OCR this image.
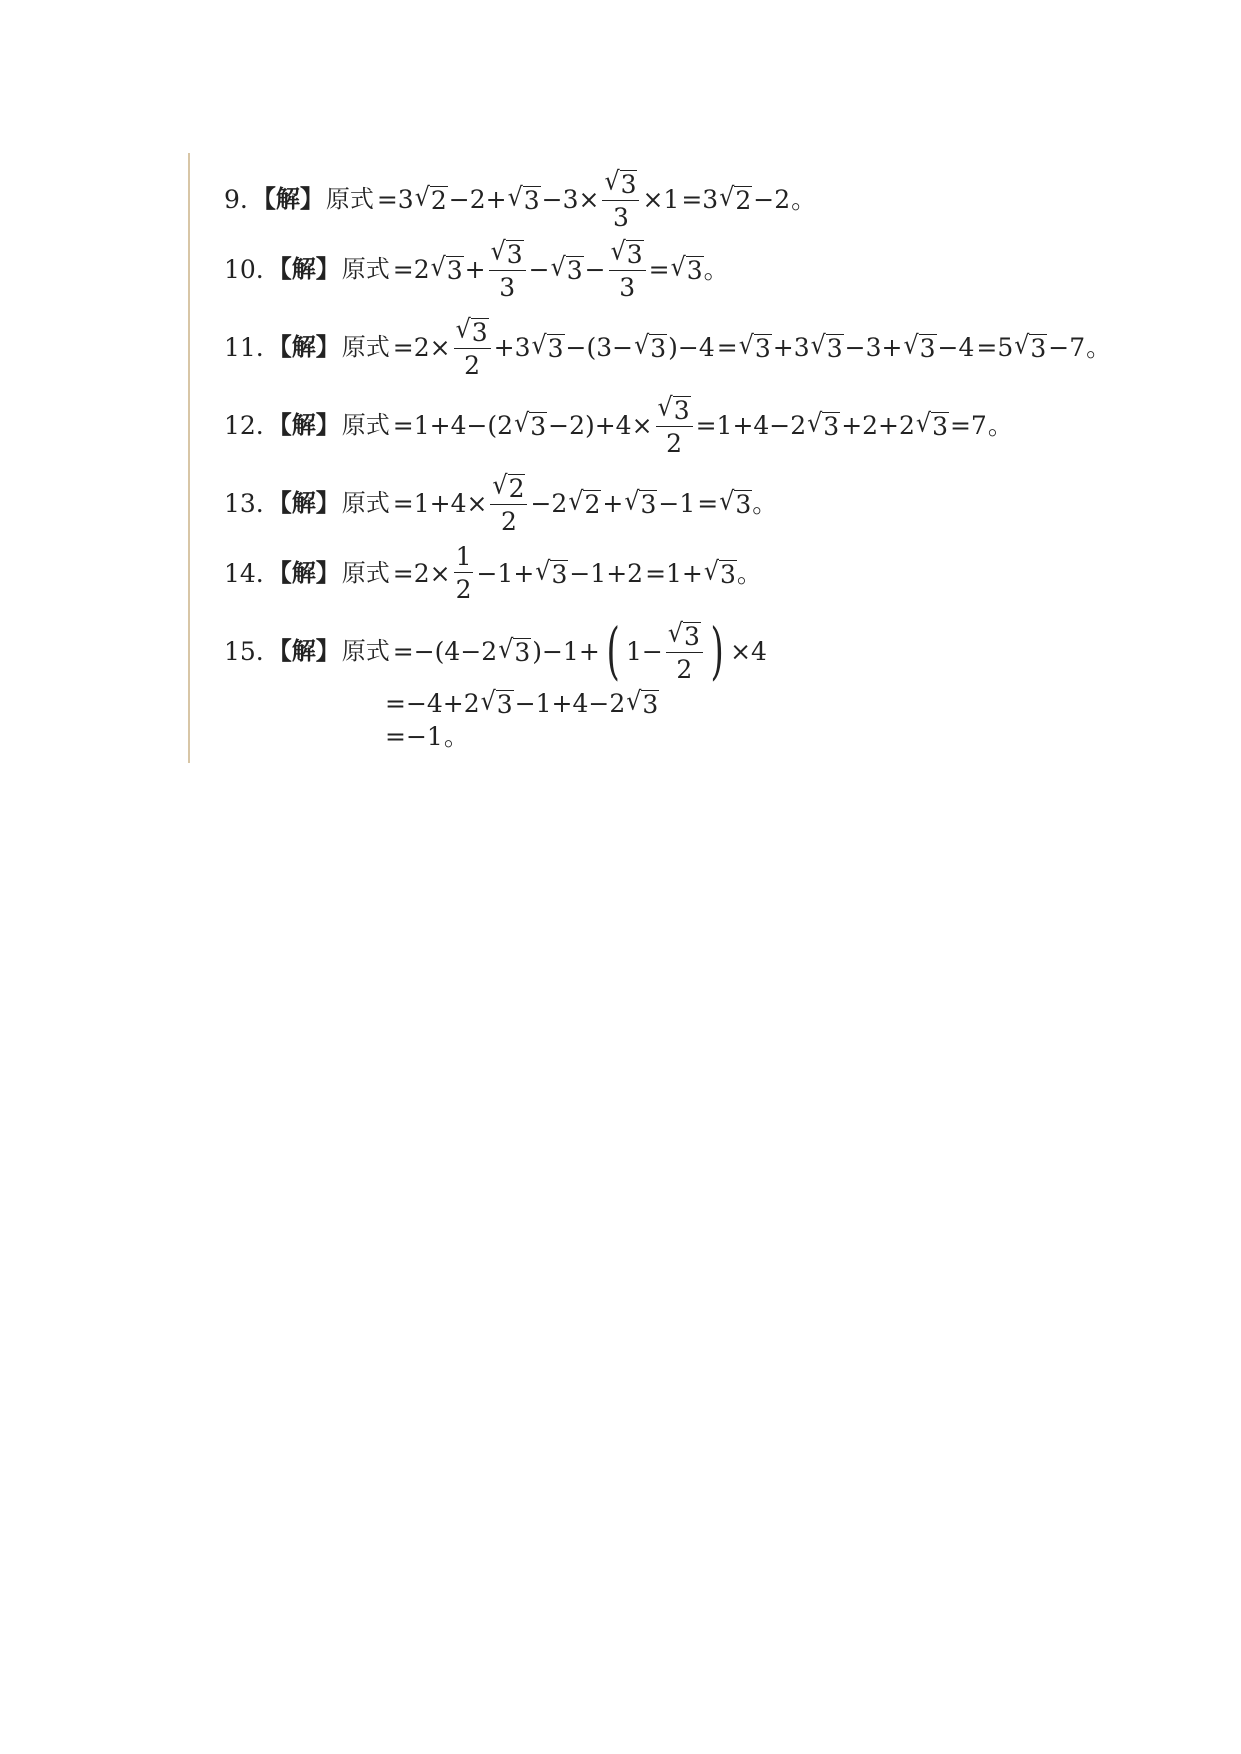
9. 【解】 原式 =3 √ 2 −2+ √ $3 -3\times \frac{√ 3}{3} \times 1 =3$ √ 2 −2 。
10. 【解】 原式 =2 √ $3 + \frac{√ 3}{3}$ − √ $3 - \frac{√ 3}{3}$ = √ 3 。
11. 【解】 原式 $=2\times \frac{√ 3}{2} +3$ √ 3 −(3− √ 3 )−4 = √ 3 +3 √ 3 −3+ √ 3 −4 =5 √ 3 −7 。
12. 【解】 原式 =1+4−(2 √ $3 -2)+4\times \frac{√ 3}{2} =1+4-2$ √ 3 +2+2 √ 3 =7 。
13. 【解】 原式 $=1+4\times \frac{√ 2}{2} -2$ √ 2 + √ 3 −1 = √ 3 。
14. 【解】 原式 $=2\times \frac{1}{2} -1+$ √ 3 −1+2 =1+ √ 3 。
15. 【解】 原式 =−(4−2 √ 3 )−1+ ( $1- \frac{√ 3}{2}$ ) ×4
=−4+2 √ 3 −1+4−2 √ 3
=−1 。
